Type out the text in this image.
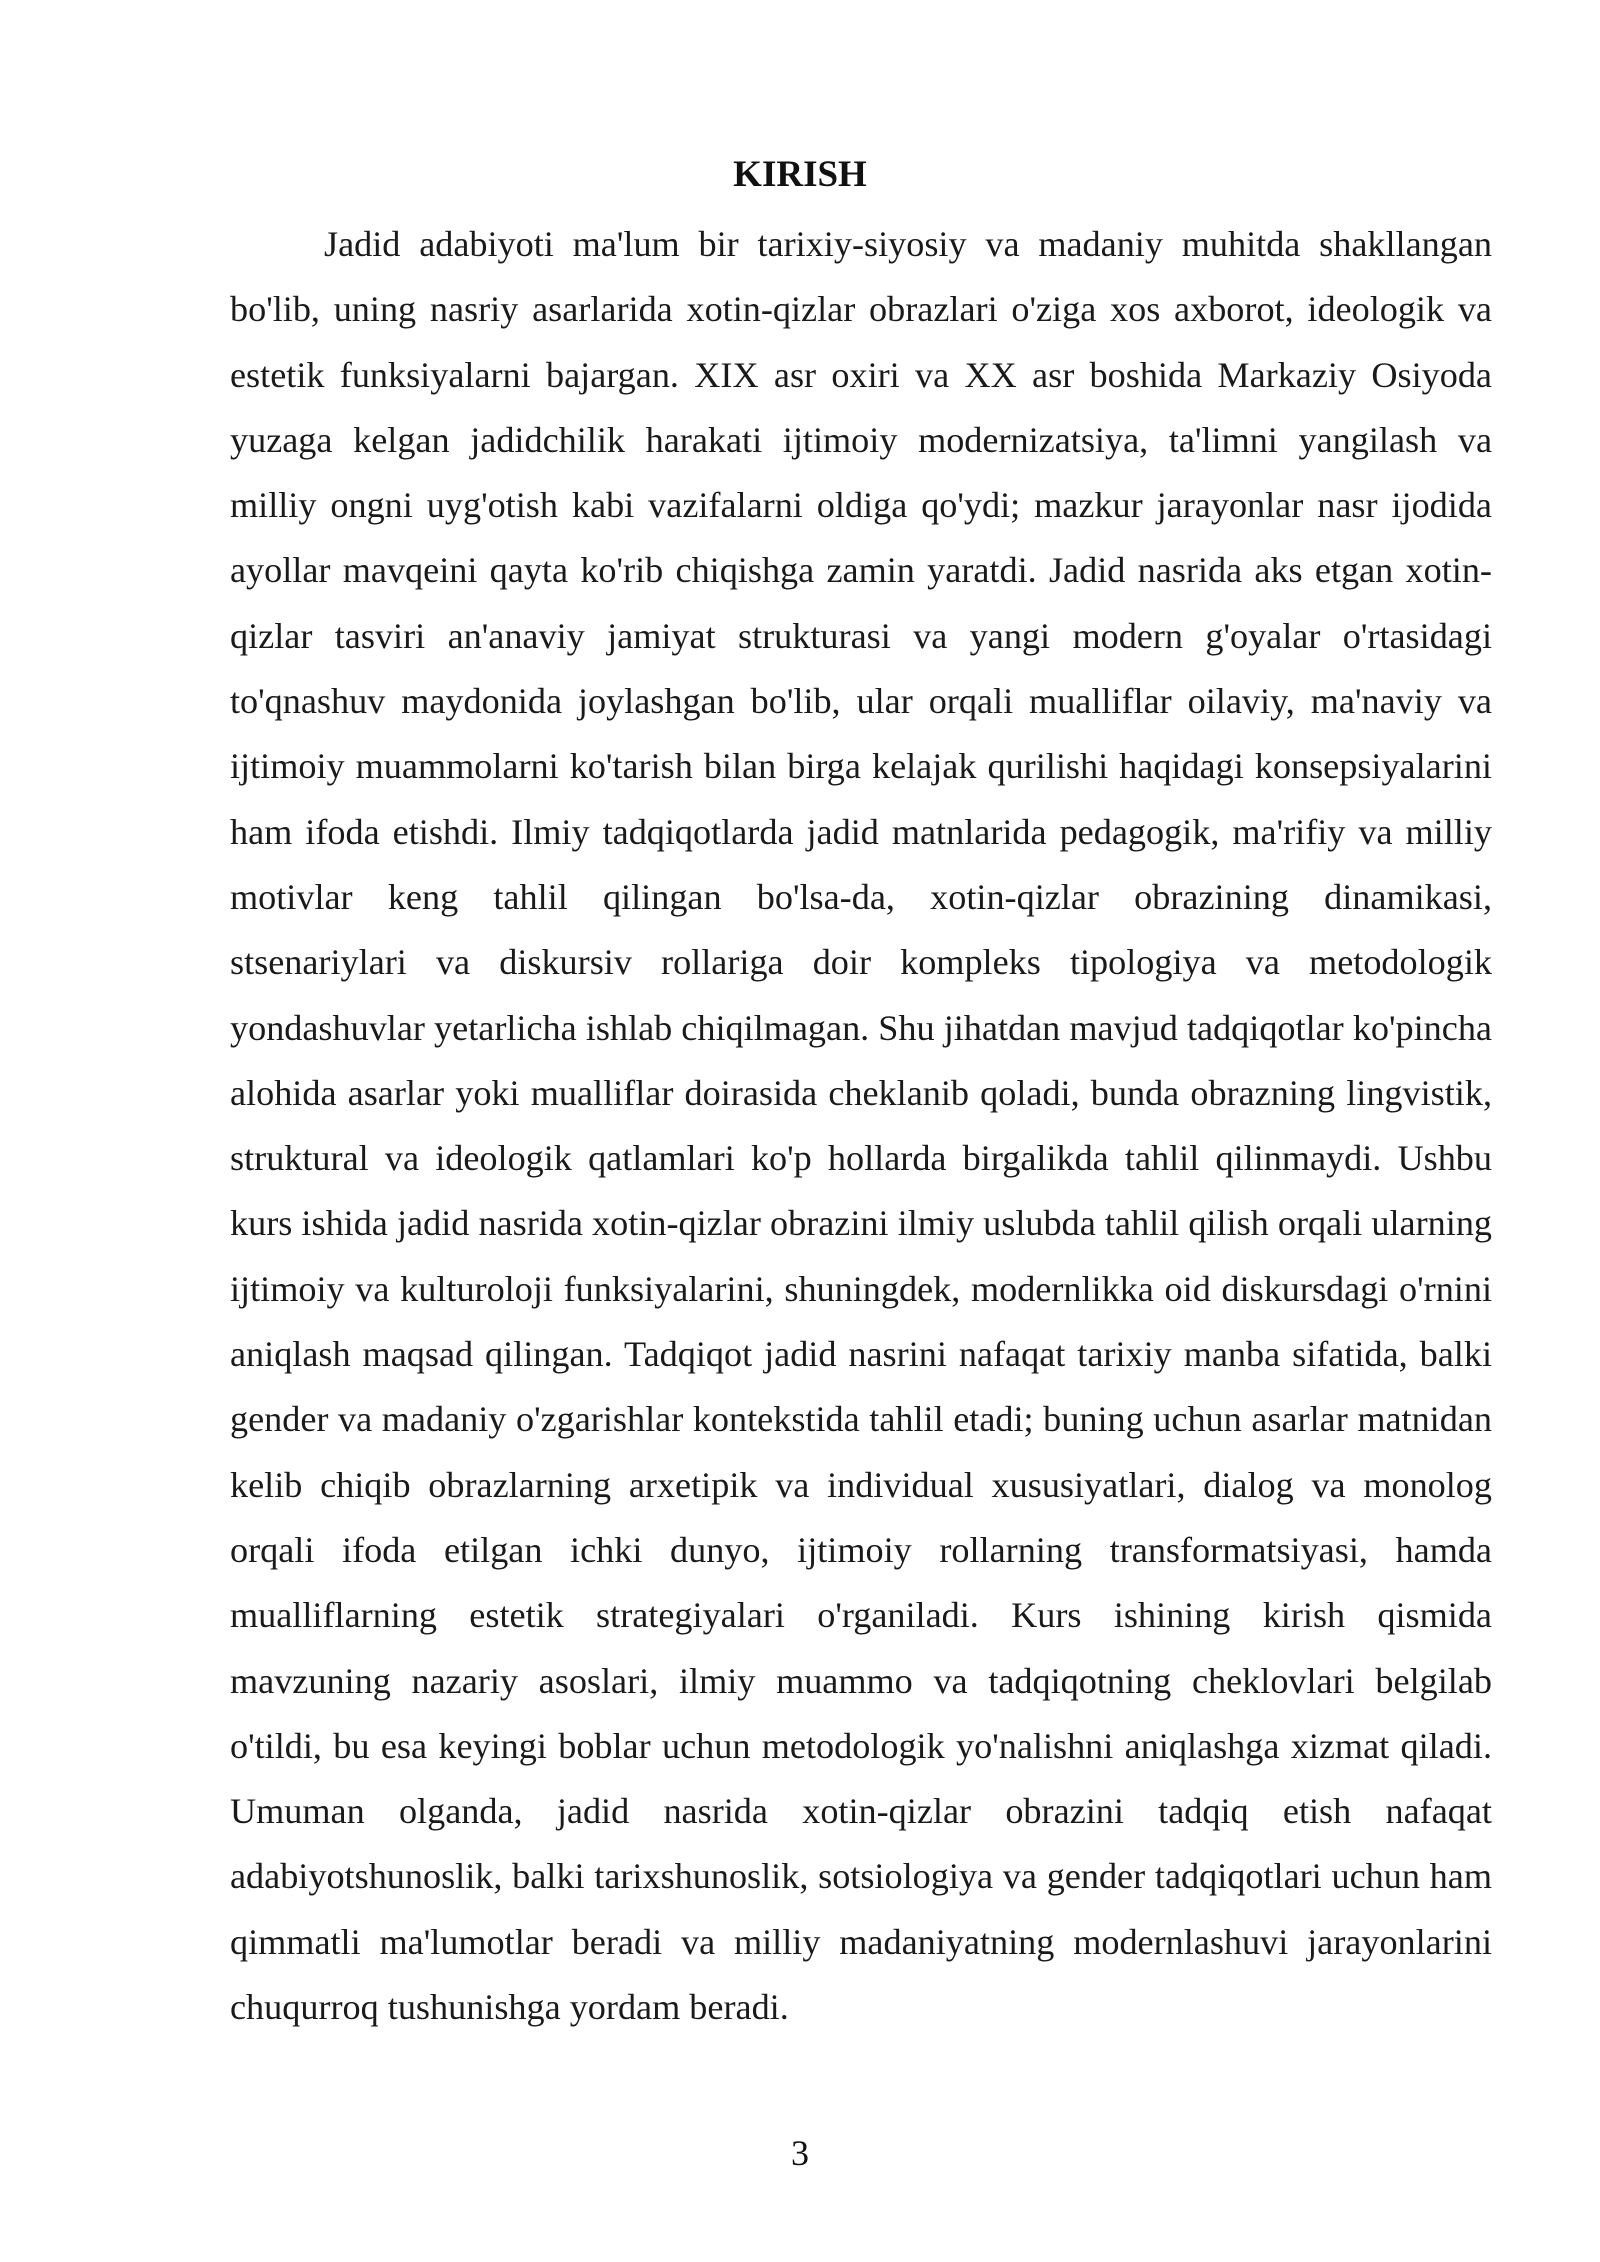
KIRISH

Jadid adabiyoti ma'lum bir tarixiy-siyosiy va madaniy muhitda shakllangan bo'lib, uning nasriy asarlarida xotin-qizlar obrazlari o'ziga xos axborot, ideologik va estetik funksiyalarni bajargan. XIX asr oxiri va XX asr boshida Markaziy Osiyoda yuzaga kelgan jadidchilik harakati ijtimoiy modernizatsiya, ta'limni yangilash va milliy ongni uyg'otish kabi vazifalarni oldiga qo'ydi; mazkur jarayonlar nasr ijodida ayollar mavqeini qayta ko'rib chiqishga zamin yaratdi. Jadid nasrida aks etgan xotin-qizlar tasviri an'anaviy jamiyat strukturasi va yangi modern g'oyalar o'rtasidagi to'qnashuv maydonida joylashgan bo'lib, ular orqali mualliflar oilaviy, ma'naviy va ijtimoiy muammolarni ko'tarish bilan birga kelajak qurilishi haqidagi konsepsiyalarini ham ifoda etishdi. Ilmiy tadqiqotlarda jadid matnlarida pedagogik, ma'rifiy va milliy motivlar keng tahlil qilingan bo'lsa-da, xotin-qizlar obrazining dinamikasi, stsenariylari va diskursiv rollariga doir kompleks tipologiya va metodologik yondashuvlar yetarlicha ishlab chiqilmagan. Shu jihatdan mavjud tadqiqotlar ko'pincha alohida asarlar yoki mualliflar doirasida cheklanib qoladi, bunda obrazning lingvistik, struktural va ideologik qatlamlari ko'p hollarda birgalikda tahlil qilinmaydi. Ushbu kurs ishida jadid nasrida xotin-qizlar obrazini ilmiy uslubda tahlil qilish orqali ularning ijtimoiy va kulturoloji funksiyalarini, shuningdek, modernlikka oid diskursdagi o'rnini aniqlash maqsad qilingan. Tadqiqot jadid nasrini nafaqat tarixiy manba sifatida, balki gender va madaniy o'zgarishlar kontekstida tahlil etadi; buning uchun asarlar matnidan kelib chiqib obrazlarning arxetipik va individual xususiyatlari, dialog va monolog orqali ifoda etilgan ichki dunyo, ijtimoiy rollarning transformatsiyasi, hamda mualliflarning estetik strategiyalari o'rganiladi. Kurs ishining kirish qismida mavzuning nazariy asoslari, ilmiy muammo va tadqiqotning cheklovlari belgilab o'tildi, bu esa keyingi boblar uchun metodologik yo'nalishni aniqlashga xizmat qiladi. Umuman olganda, jadid nasrida xotin-qizlar obrazini tadqiq etish nafaqat adabiyotshunoslik, balki tarixshunoslik, sotsiologiya va gender tadqiqotlari uchun ham qimmatli ma'lumotlar beradi va milliy madaniyatning modernlashuvi jarayonlarini chuqurroq tushunishga yordam beradi.

3
